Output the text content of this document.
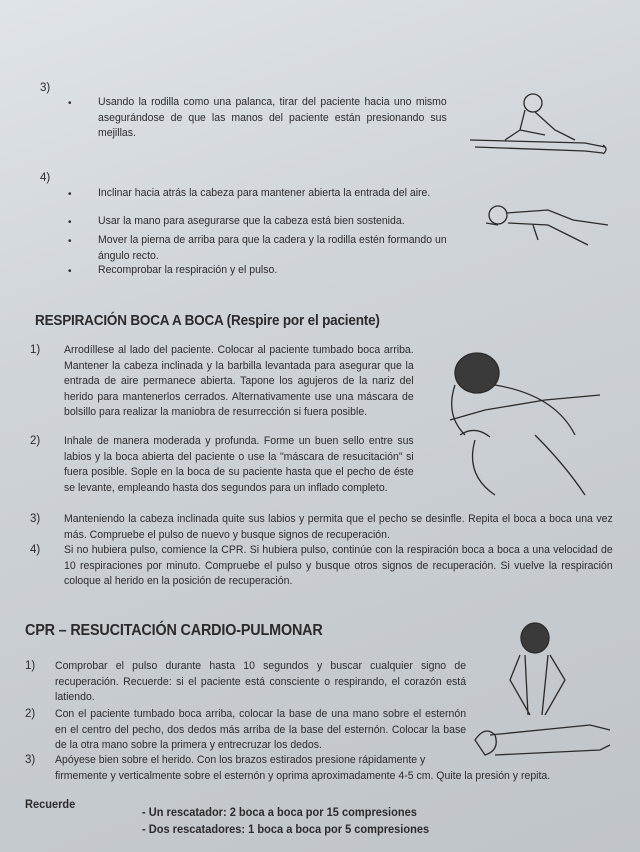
3)
• Usando la rodilla como una palanca, tirar del paciente hacia uno mismo asegurándose de que las manos del paciente están presionando sus mejillas.
4)
• Inclinar hacia atrás la cabeza para mantener abierta la entrada del aire.
• Usar la mano para asegurarse que la cabeza está bien sostenida.
• Mover la pierna de arriba para que la cadera y la rodilla estén formando un ángulo recto.
• Recomprobar la respiración y el pulso.
RESPIRACIÓN BOCA A BOCA (Respire por el paciente)
1) Arrodíllese al lado del paciente. Colocar al paciente tumbado boca arriba. Mantener la cabeza inclinada y la barbilla levantada para asegurar que la entrada de aire permanece abierta. Tapone los agujeros de la nariz del herido para mantenerlos cerrados. Alternativamente use una máscara de bolsillo para realizar la maniobra de resurrección si fuera posible.
2) Inhale de manera moderada y profunda. Forme un buen sello entre sus labios y la boca abierta del paciente o use la "máscara de resucitación" si fuera posible. Sople en la boca de su paciente hasta que el pecho de éste se levante, empleando hasta dos segundos para un inflado completo.
3) Manteniendo la cabeza inclinada quite sus labios y permita que el pecho se desinfle. Repita el boca a boca una vez más. Compruebe el pulso de nuevo y busque signos de recuperación.
4) Si no hubiera pulso, comience la CPR. Si hubiera pulso, continúe con la respiración boca a boca a una velocidad de 10 respiraciones por minuto. Compruebe el pulso y busque otros signos de recuperación. Si vuelve la respiración coloque al herido en la posición de recuperación.
CPR – RESUCITACIÓN CARDIO-PULMONAR
1) Comprobar el pulso durante hasta 10 segundos y buscar cualquier signo de recuperación. Recuerde: si el paciente está consciente o respirando, el corazón está latiendo.
2) Con el paciente tumbado boca arriba, colocar la base de una mano sobre el esternón en el centro del pecho, dos dedos más arriba de la base del esternón. Colocar la base de la otra mano sobre la primera y entrecruzar los dedos.
3) Apóyese bien sobre el herido. Con los brazos estirados presione rápidamente y
firmemente y verticalmente sobre el esternón y oprima aproximadamente 4-5 cm. Quite la presión y repita.
Recuerde
- Un rescatador: 2 boca a boca por 15 compresiones
- Dos rescatadores: 1 boca a boca por 5 compresiones
